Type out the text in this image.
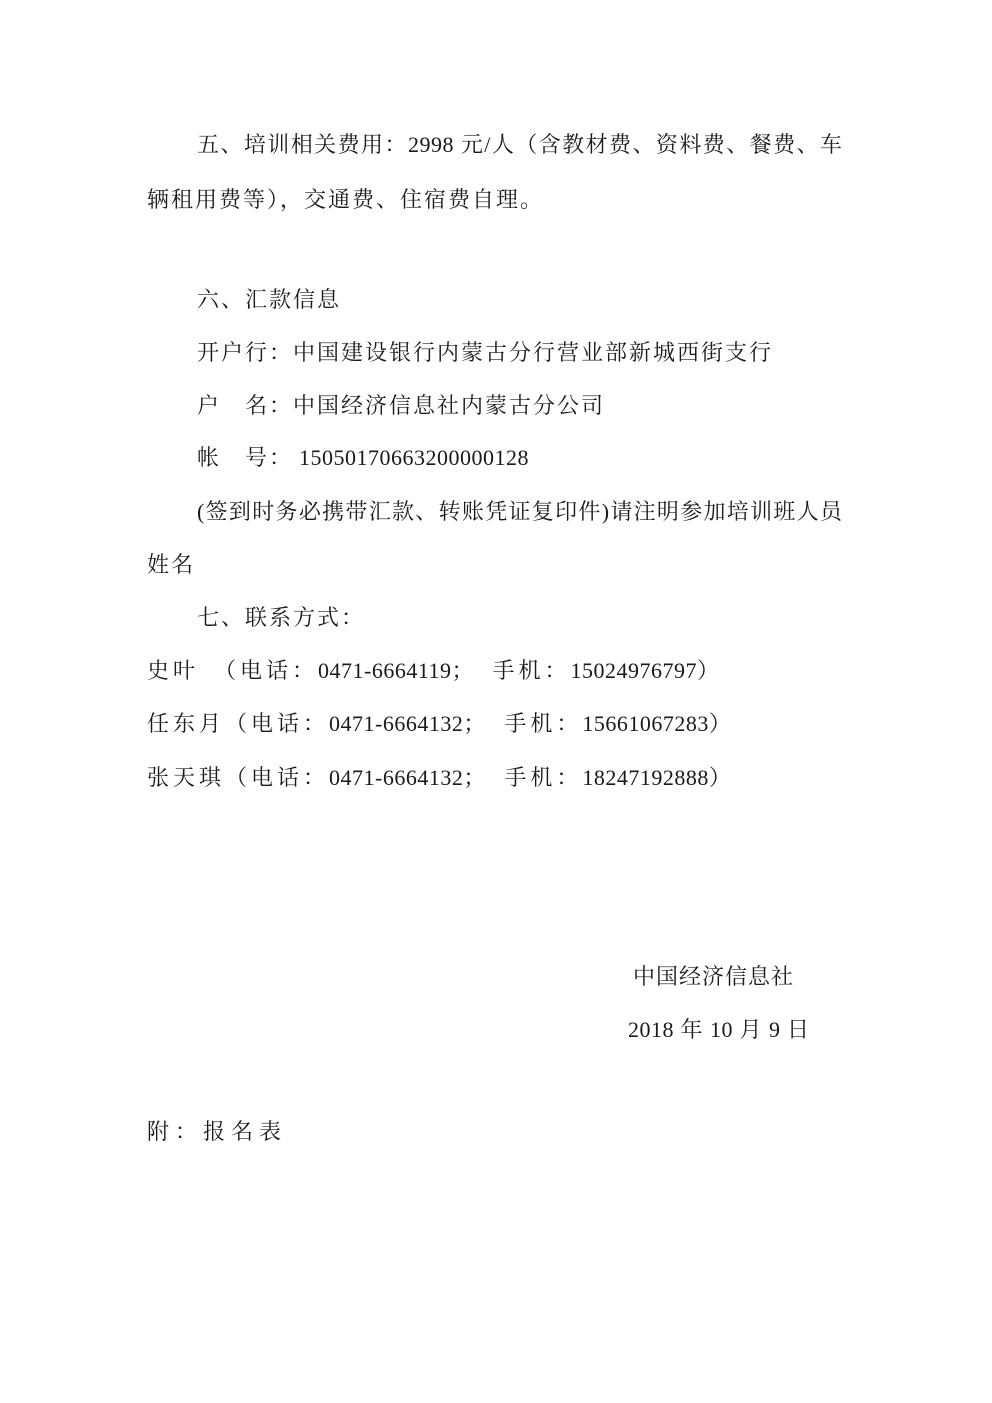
五、培训相关费用：2998 元/人（含教材费、资料费、餐费、车
辆租用费等），交通费、住宿费自理。
六、汇款信息
开户行：中国建设银行内蒙古分行营业部新城西街支行
户　名：中国经济信息社内蒙古分公司
帐　号： 15050170663200000128
(签到时务必携带汇款、转账凭证复印件)请注明参加培训班人员
姓名
七、联系方式：
史叶　（电话：0471-6664119；　手机：15024976797）
任东月（电话：0471-6664132；　手机：15661067283）
张天琪（电话：0471-6664132；　手机：18247192888）
中国经济信息社
2018 年 10 月 9 日
附：报名表
